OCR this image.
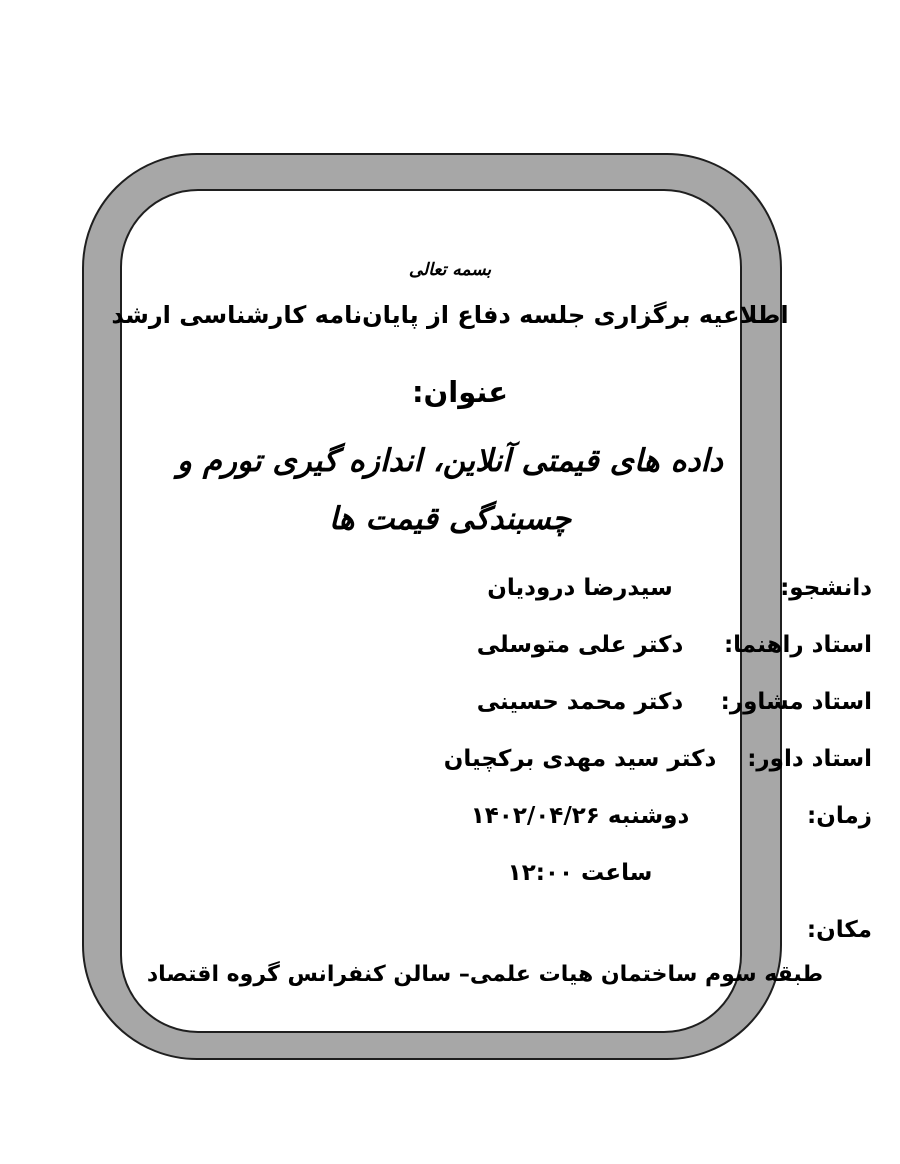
بسمه تعالی
اطلاعیه برگزاری جلسه دفاع از پایان‌نامه کارشناسی ارشد
عنوان:
داده های قیمتی آنلاین، اندازه گیری تورم و
چسبندگی قیمت ها
سیدرضا درودیان	دانشجو:
دکتر علی متوسلی	استاد راهنما:
دکتر محمد حسینی	استاد مشاور:
دکتر سید مهدی برکچیان	استاد داور:
دوشنبه ۱۴۰۲/۰۴/۲۶	زمان:
ساعت ۱۲:۰۰
مکان:
طبقه سوم ساختمان هیات علمی– سالن کنفرانس گروه اقتصاد
